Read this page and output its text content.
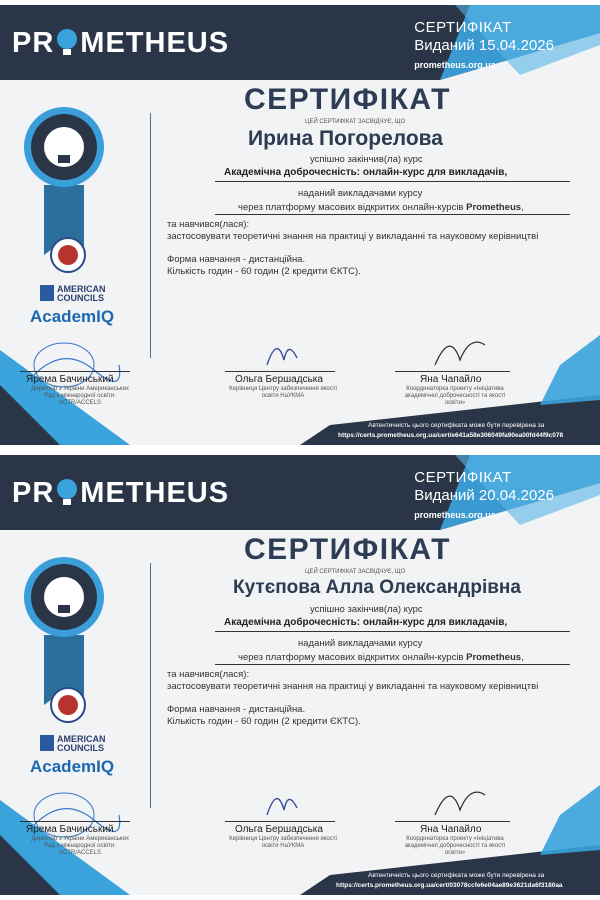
PR METHEUS	СЕРТИФІКАТ
Виданий 15.04.2026
prometheus.org.ua
AMERICAN
COUNCILS
AcademIQ
СЕРТИФІКАТ
ЦЕЙ СЕРТИФІКАТ ЗАСВІДЧУЄ, ЩО
Ирина Погорелова
успішно закінчив(ла) курс
Академічна доброчесність: онлайн-курс для викладачів,
наданий викладачами курсу
через платформу масових відкритих онлайн-курсів Prometheus,
та навчився(лася):
застосовувати теоретичні знання на практиці у викладанні та науковому керівництві
Форма навчання - дистанційна.
Кількість годин - 60 годин (2 кредити ЄКТС).
Ярема Бачинський
Директор з України Американських Рад з міжнародної освіти: ACTR/ACCELS
Ольга Бершадська
Керівниця Центру забезпечення якості освіти НаУКМА
Яна Чапайло
Координаторка проекту «Ініціатива академічної доброчесності та якості освіти»
Автентичність цього сертифіката може бути перевірена за
https://certs.prometheus.org.ua/cert/e641a58e306049fa90ea00fd44f9c078
PR METHEUS	СЕРТИФІКАТ
Виданий 20.04.2026
prometheus.org.ua
AMERICAN
COUNCILS
AcademIQ
СЕРТИФІКАТ
ЦЕЙ СЕРТИФІКАТ ЗАСВІДЧУЄ, ЩО
Кутєпова Алла Олександрівна
успішно закінчив(ла) курс
Академічна доброчесність: онлайн-курс для викладачів,
наданий викладачами курсу
через платформу масових відкритих онлайн-курсів Prometheus,
та навчився(лася):
застосовувати теоретичні знання на практиці у викладанні та науковому керівництві
Форма навчання - дистанційна.
Кількість годин - 60 годин (2 кредити ЄКТС).
Ярема Бачинський
Директор з України Американських Рад з міжнародної освіти: ACTR/ACCELS
Ольга Бершадська
Керівниця Центру забезпечення якості освіти НаУКМА
Яна Чапайло
Координаторка проекту «Ініціатива академічної доброчесності та якості освіти»
Автентичність цього сертифіката може бути перевірена за
https://certs.prometheus.org.ua/cert/03078ccfe6e04ae89e3621da6f3180aa
